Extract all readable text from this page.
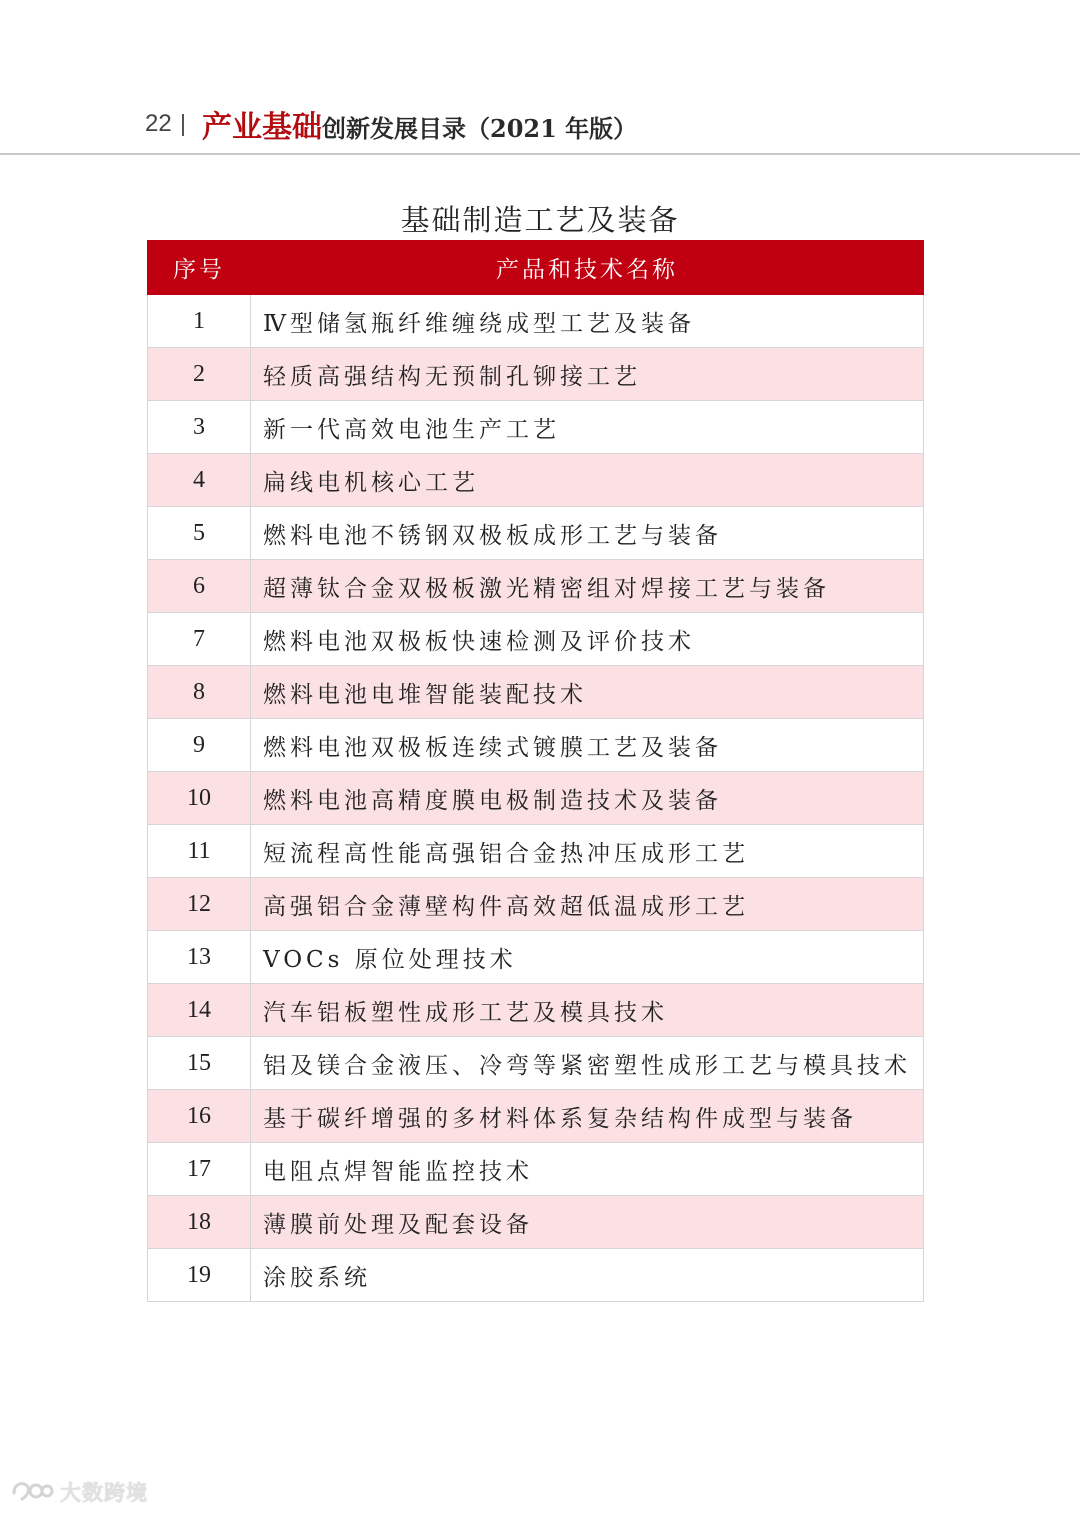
22 产业基础创新发展目录（2021 年版）
基础制造工艺及装备
序号	产品和技术名称
1	Ⅳ型储氢瓶纤维缠绕成型工艺及装备
2	轻质高强结构无预制孔铆接工艺
3	新一代高效电池生产工艺
4	扁线电机核心工艺
5	燃料电池不锈钢双极板成形工艺与装备
6	超薄钛合金双极板激光精密组对焊接工艺与装备
7	燃料电池双极板快速检测及评价技术
8	燃料电池电堆智能装配技术
9	燃料电池双极板连续式镀膜工艺及装备
10	燃料电池高精度膜电极制造技术及装备
11	短流程高性能高强铝合金热冲压成形工艺
12	高强铝合金薄壁构件高效超低温成形工艺
13	VOCs 原位处理技术
14	汽车铝板塑性成形工艺及模具技术
15	铝及镁合金液压、冷弯等紧密塑性成形工艺与模具技术
16	基于碳纤增强的多材料体系复杂结构件成型与装备
17	电阻点焊智能监控技术
18	薄膜前处理及配套设备
19	涂胶系统
大数跨境
